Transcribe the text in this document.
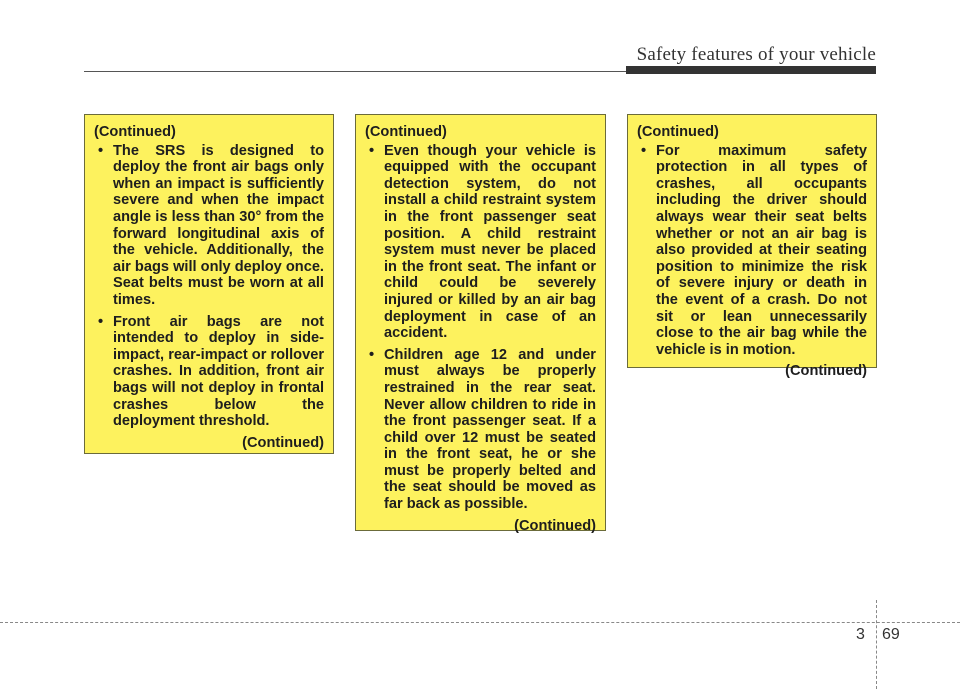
Safety features of your vehicle
(Continued)
• The SRS is designed to deploy the front air bags only when an impact is sufficiently severe and when the impact angle is less than 30° from the forward longitudinal axis of the vehicle. Additionally, the air bags will only deploy once. Seat belts must be worn at all times.
• Front air bags are not intended to deploy in side-impact, rear-impact or rollover crashes. In addition, front air bags will not deploy in frontal crashes below the deployment threshold.
(Continued)
(Continued)
• Even though your vehicle is equipped with the occupant detection system, do not install a child restraint system in the front passenger seat position. A child restraint system must never be placed in the front seat. The infant or child could be severely injured or killed by an air bag deployment in case of an accident.
• Children age 12 and under must always be properly restrained in the rear seat. Never allow children to ride in the front passenger seat. If a child over 12 must be seated in the front seat, he or she must be properly belted and the seat should be moved as far back as possible.
(Continued)
(Continued)
• For maximum safety protection in all types of crashes, all occupants including the driver should always wear their seat belts whether or not an air bag is also provided at their seating position to minimize the risk of severe injury or death in the event of a crash. Do not sit or lean unnecessarily close to the air bag while the vehicle is in motion.
(Continued)
3 69
